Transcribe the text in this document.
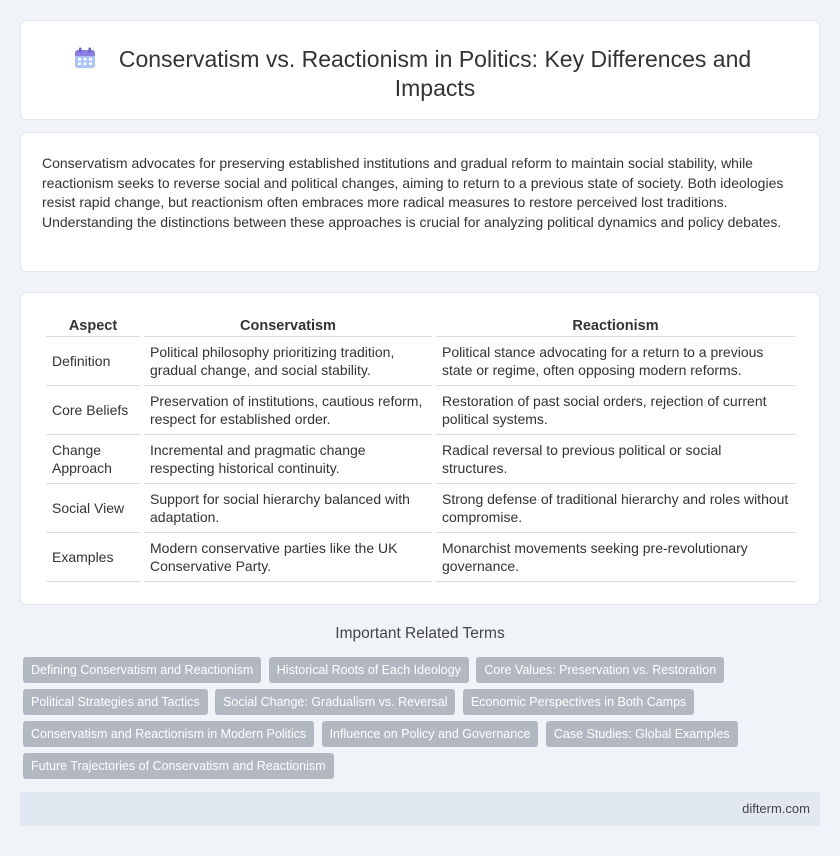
Conservatism vs. Reactionism in Politics: Key Differences and Impacts

Conservatism advocates for preserving established institutions and gradual reform to maintain social stability, while reactionism seeks to reverse social and political changes, aiming to return to a previous state of society. Both ideologies resist rapid change, but reactionism often embraces more radical measures to restore perceived lost traditions. Understanding the distinctions between these approaches is crucial for analyzing political dynamics and policy debates.

Aspect	Conservatism	Reactionism
Definition	Political philosophy prioritizing tradition, gradual change, and social stability.	Political stance advocating for a return to a previous state or regime, often opposing modern reforms.
Core Beliefs	Preservation of institutions, cautious reform, respect for established order.	Restoration of past social orders, rejection of current political systems.
Change Approach	Incremental and pragmatic change respecting historical continuity.	Radical reversal to previous political or social structures.
Social View	Support for social hierarchy balanced with adaptation.	Strong defense of traditional hierarchy and roles without compromise.
Examples	Modern conservative parties like the UK Conservative Party.	Monarchist movements seeking pre-revolutionary governance.
Important Related Terms
Defining Conservatism and Reactionism Historical Roots of Each Ideology Core Values: Preservation vs. Restoration
Political Strategies and Tactics Social Change: Gradualism vs. Reversal Economic Perspectives in Both Camps
Conservatism and Reactionism in Modern Politics Influence on Policy and Governance Case Studies: Global Examples
Future Trajectories of Conservatism and Reactionism
difterm.com
